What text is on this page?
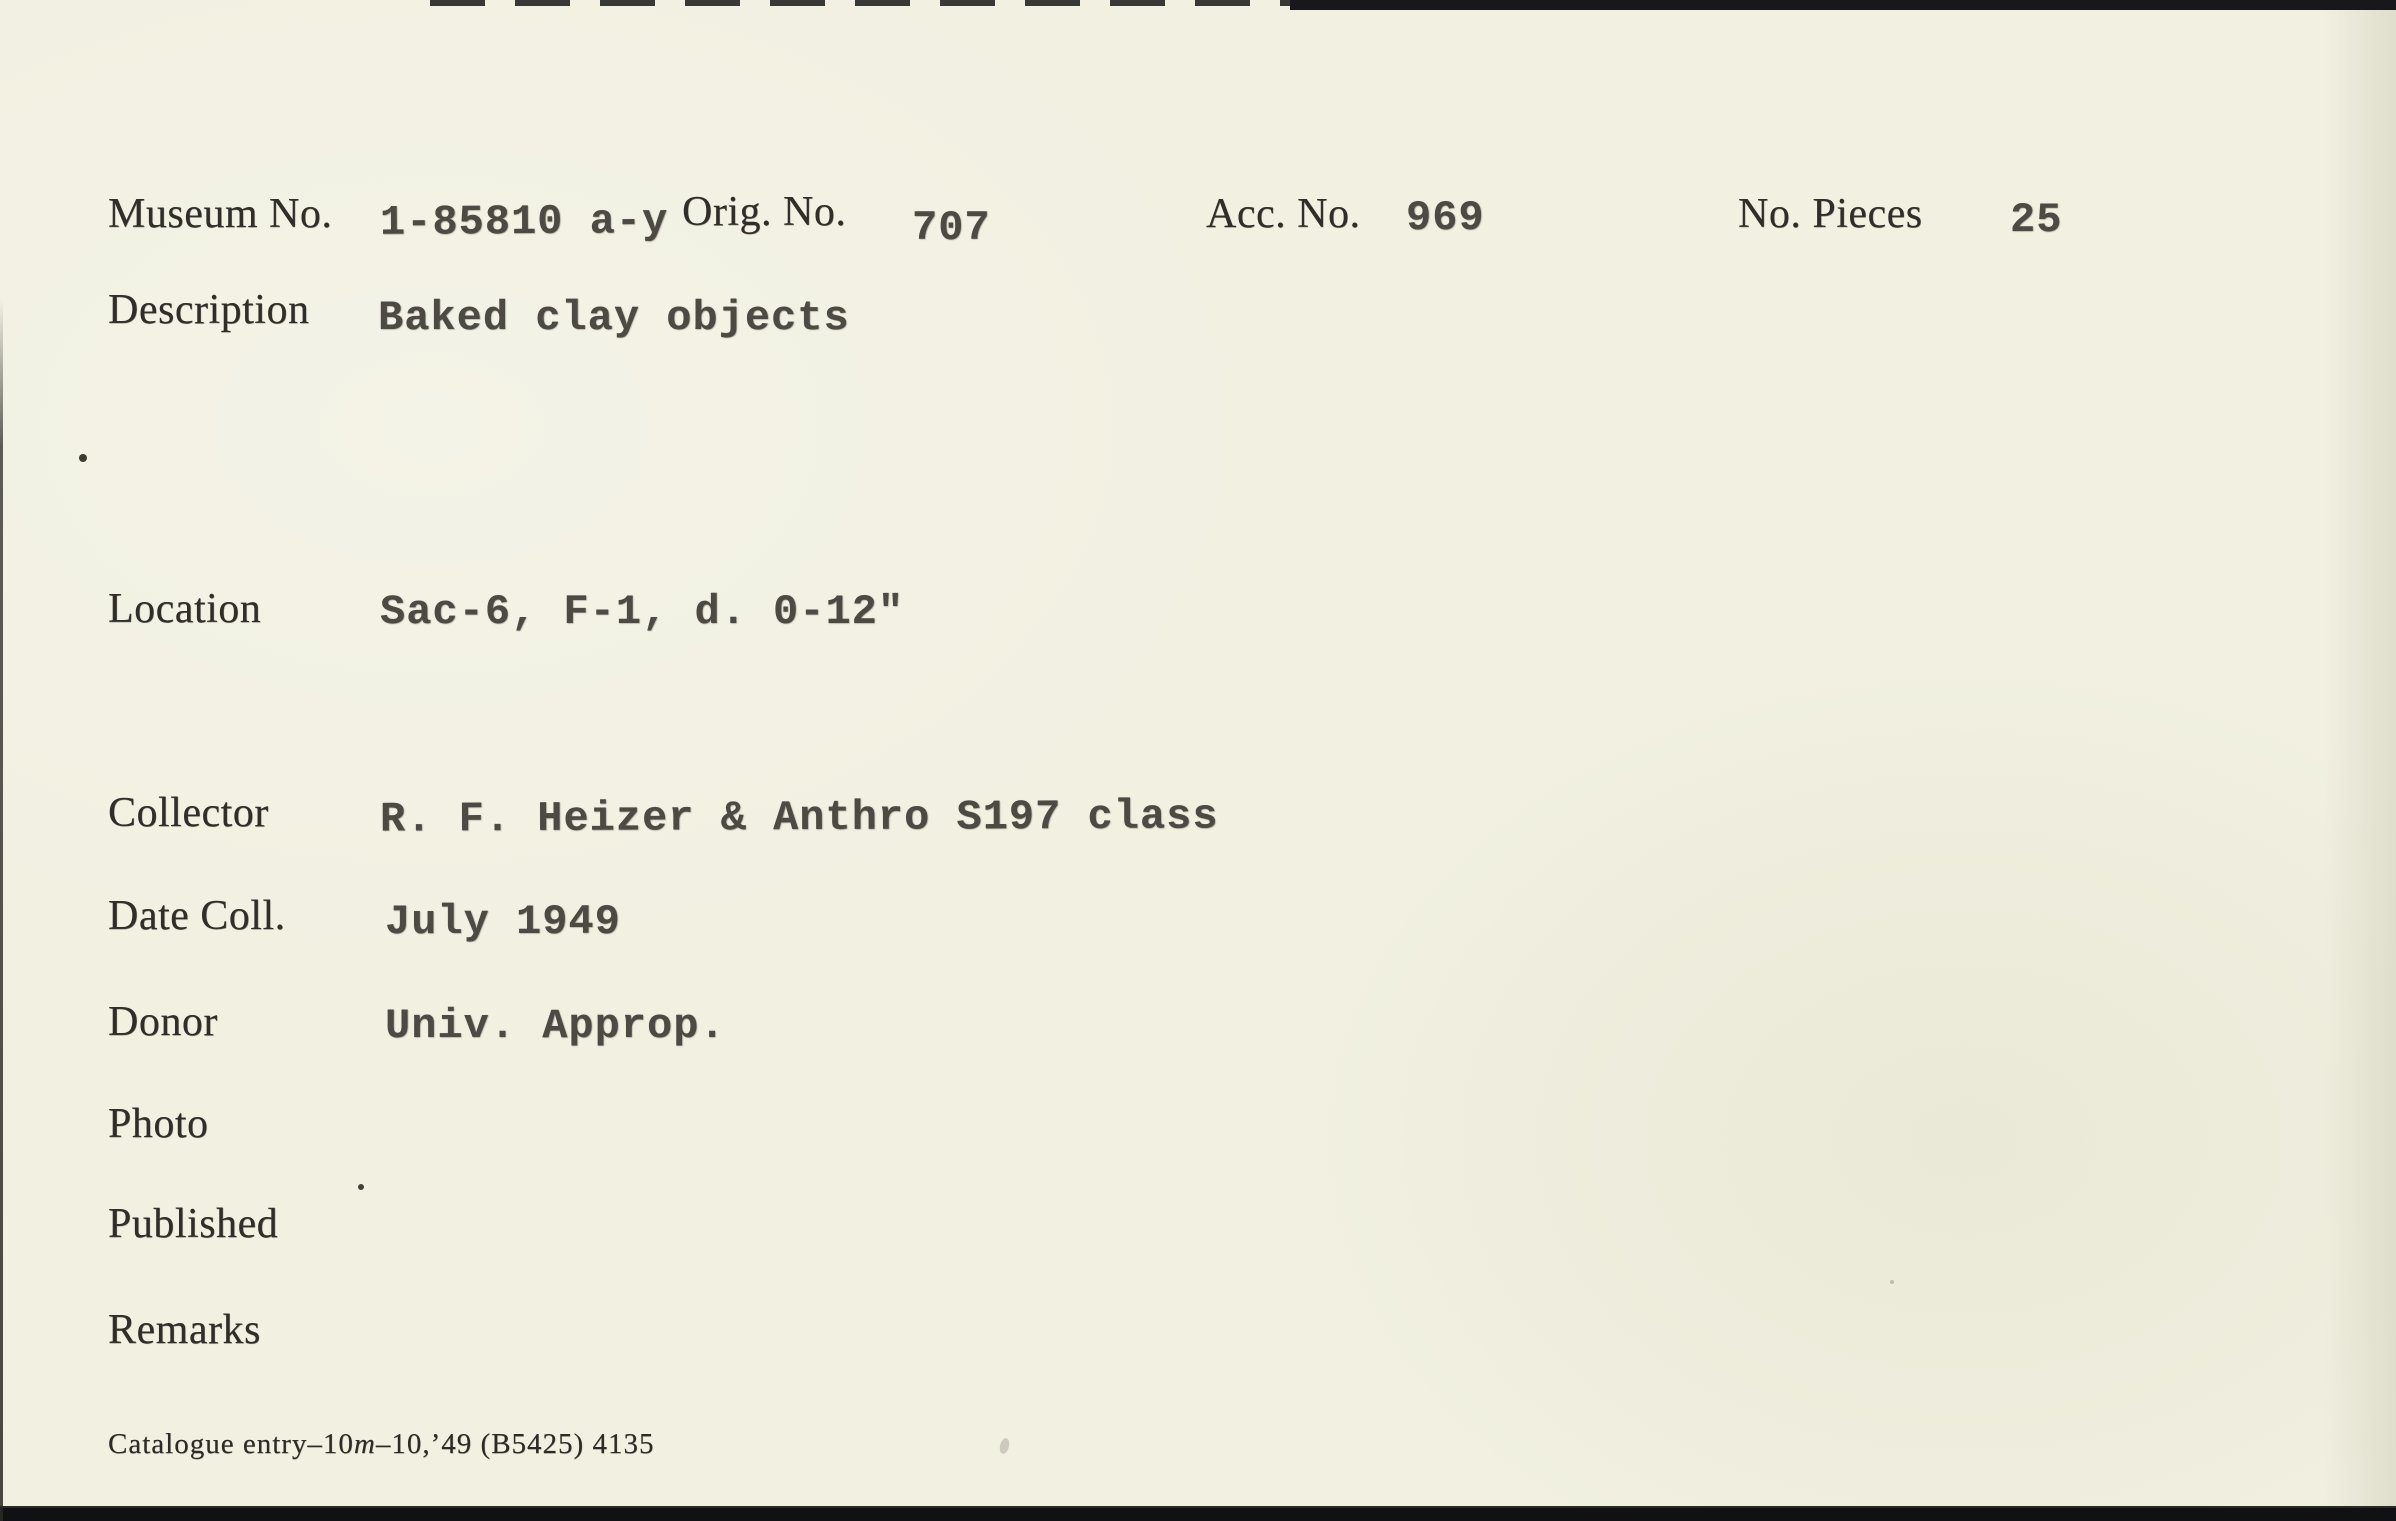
Museum No. 1-85810 a-y Orig. No. 707	Acc. No. 969	No. Pieces 25
Description Baked clay objects
Location	Sac-6, F-1, d. 0-12"
Collector	R. F. Heizer & Anthro S197 class
Date Coll. July 1949
Donor	Univ. Approp.
Photo
Published
Remarks
Catalogue entry–10m–10,’49 (B5425) 4135
